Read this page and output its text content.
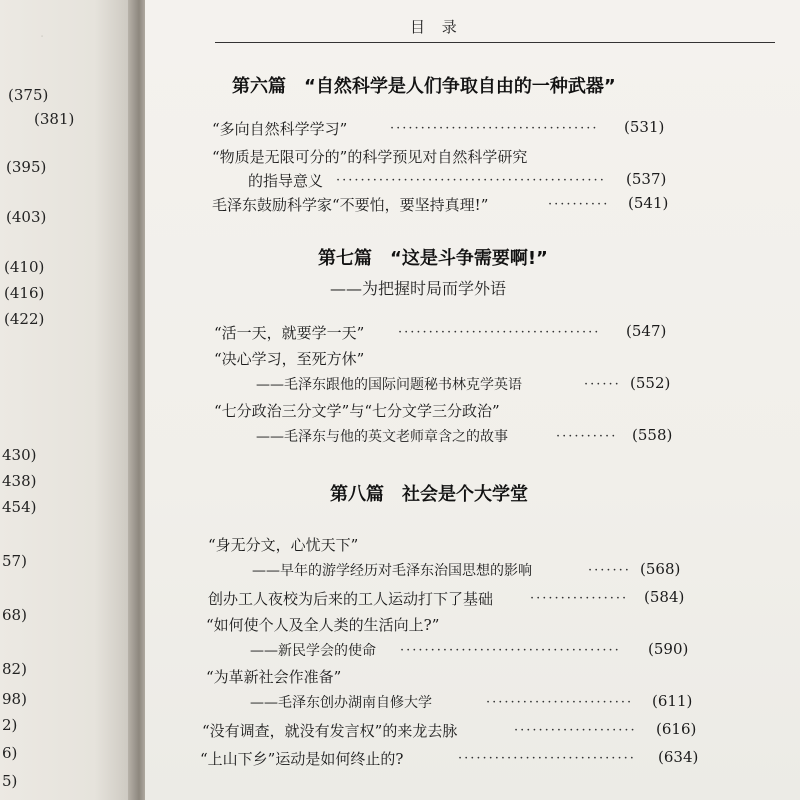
·
(375)
(381)
(395)
(403)
(410)
(416)
(422)
430)
438)
454)
57)
68)
82)
98)
2)
6)
5)
目 录
第六篇　“自然科学是人们争取自由的一种武器”
“多向自然科学学习”	··································	(531)
“物质是无限可分的”的科学预见对自然科学研究
的指导意义 ············································	(537)
毛泽东鼓励科学家“不要怕，要坚持真理!”	··········	(541)
第七篇　“这是斗争需要啊!”
——为把握时局而学外语
“活一天，就要学一天”	·································	(547)
“决心学习，至死方休”
——毛泽东跟他的国际问题秘书林克学英语	······ (552)
“七分政治三分文学”与“七分文学三分政治”
——毛泽东与他的英文老师章含之的故事	·········· (558)
第八篇　社会是个大学堂
“身无分文，心忧天下”
——早年的游学经历对毛泽东治国思想的影响	······· (568)
创办工人夜校为后来的工人运动打下了基础	················	(584)
“如何使个人及全人类的生活向上?”
——新民学会的使命 ····································	(590)
“为革新社会作准备”
——毛泽东创办湖南自修大学	························	(611)
“没有调查，就没有发言权”的来龙去脉	····················	(616)
“上山下乡”运动是如何终止的?	·····························	(634)
